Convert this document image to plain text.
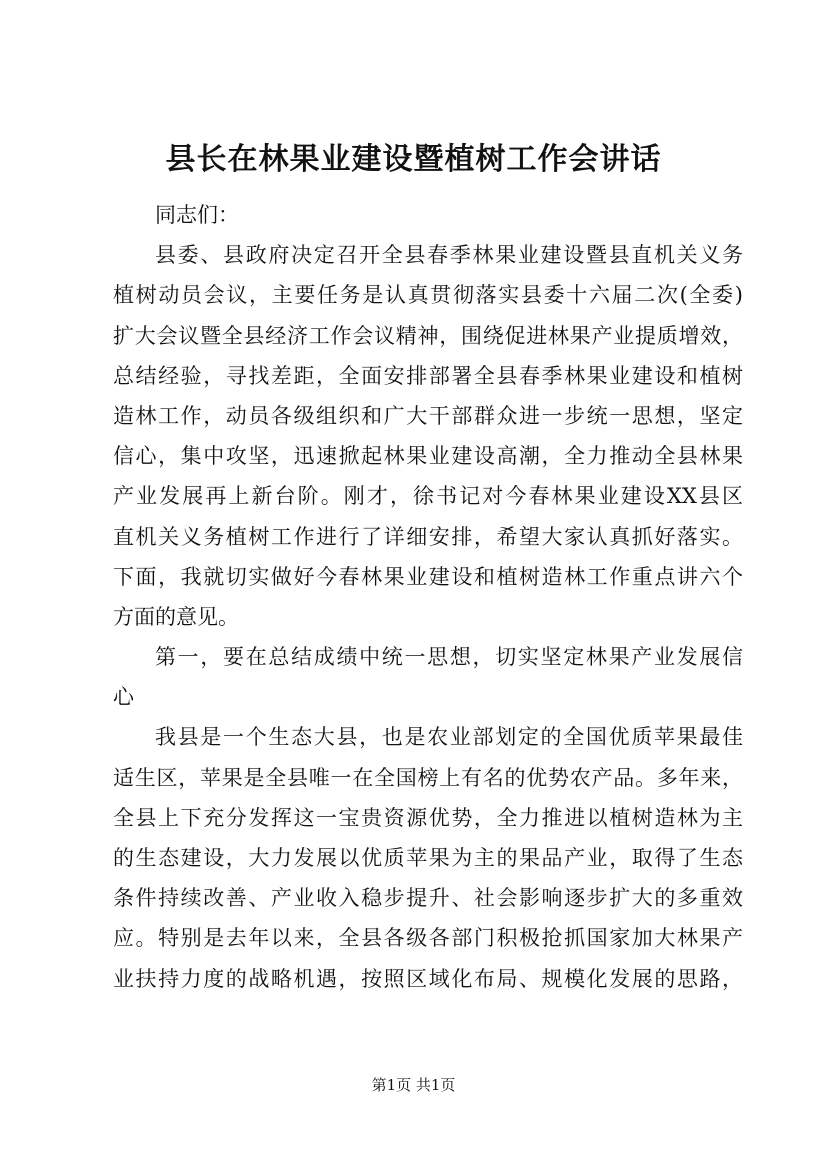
县长在林果业建设暨植树工作会讲话
同志们：
县委、县政府决定召开全县春季林果业建设暨县直机关义务
植树动员会议，主要任务是认真贯彻落实县委十六届二次(全委)
扩大会议暨全县经济工作会议精神，围绕促进林果产业提质增效，
总结经验，寻找差距，全面安排部署全县春季林果业建设和植树
造林工作，动员各级组织和广大干部群众进一步统一思想，坚定
信心，集中攻坚，迅速掀起林果业建设高潮，全力推动全县林果
产业发展再上新台阶。刚才，徐书记对今春林果业建设XX县区
直机关义务植树工作进行了详细安排，希望大家认真抓好落实。
下面，我就切实做好今春林果业建设和植树造林工作重点讲六个
方面的意见。
第一，要在总结成绩中统一思想，切实坚定林果产业发展信
心
我县是一个生态大县，也是农业部划定的全国优质苹果最佳
适生区，苹果是全县唯一在全国榜上有名的优势农产品。多年来，
全县上下充分发挥这一宝贵资源优势，全力推进以植树造林为主
的生态建设，大力发展以优质苹果为主的果品产业，取得了生态
条件持续改善、产业收入稳步提升、社会影响逐步扩大的多重效
应。特别是去年以来，全县各级各部门积极抢抓国家加大林果产
业扶持力度的战略机遇，按照区域化布局、规模化发展的思路，
第1页 共1页
